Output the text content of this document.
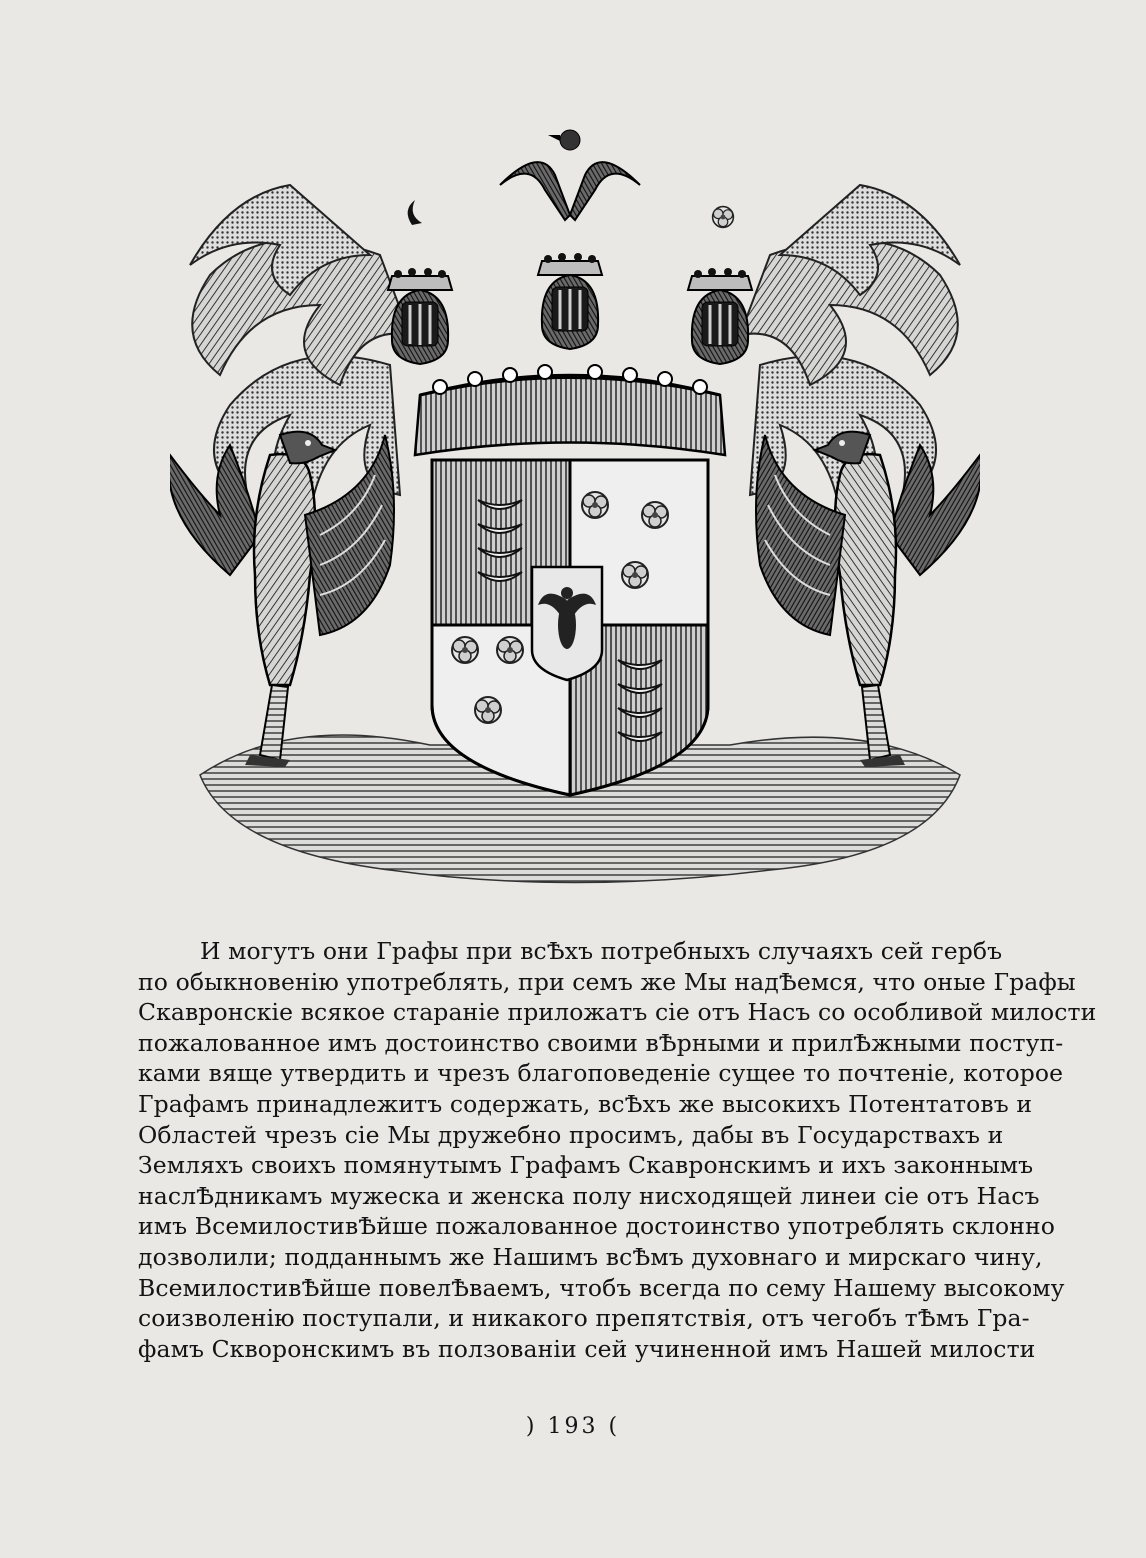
И могутъ они Графы при всѢхъ потребныхъ случаяхъ сей гербъ
по обыкновенію употреблять, при семъ же Мы надѢемся, что оные Графы
Скавронскіе всякое стараніе приложатъ сіе отъ Насъ со особливой милости
пожалованное имъ достоинство своими вѢрными и прилѢжными поступ-
ками вяще утвердить и чрезъ благоповеденіе сущее то почтеніе, которое
Графамъ принадлежитъ содержать, всѢхъ же высокихъ Потентатовъ и
Областей чрезъ сіе Мы дружебно просимъ, дабы въ Государствахъ и
Земляхъ своихъ помянутымъ Графамъ Скавронскимъ и ихъ законнымъ
наслѢдникамъ мужеска и женска полу нисходящей линеи сіе отъ Насъ
имъ ВсемилостивѢйше пожалованное достоинство употреблять склонно
дозволили; подданнымъ же Нашимъ всѢмъ духовнаго и мирскаго чину,
ВсемилостивѢйше повелѢваемъ, чтобъ всегда по сему Нашему высокому
соизволенію поступали, и никакого препятствія, отъ чегобъ тѢмъ Гра-
фамъ Скворонскимъ въ ползованіи сей учиненной имъ Нашей милости
) 193 (
